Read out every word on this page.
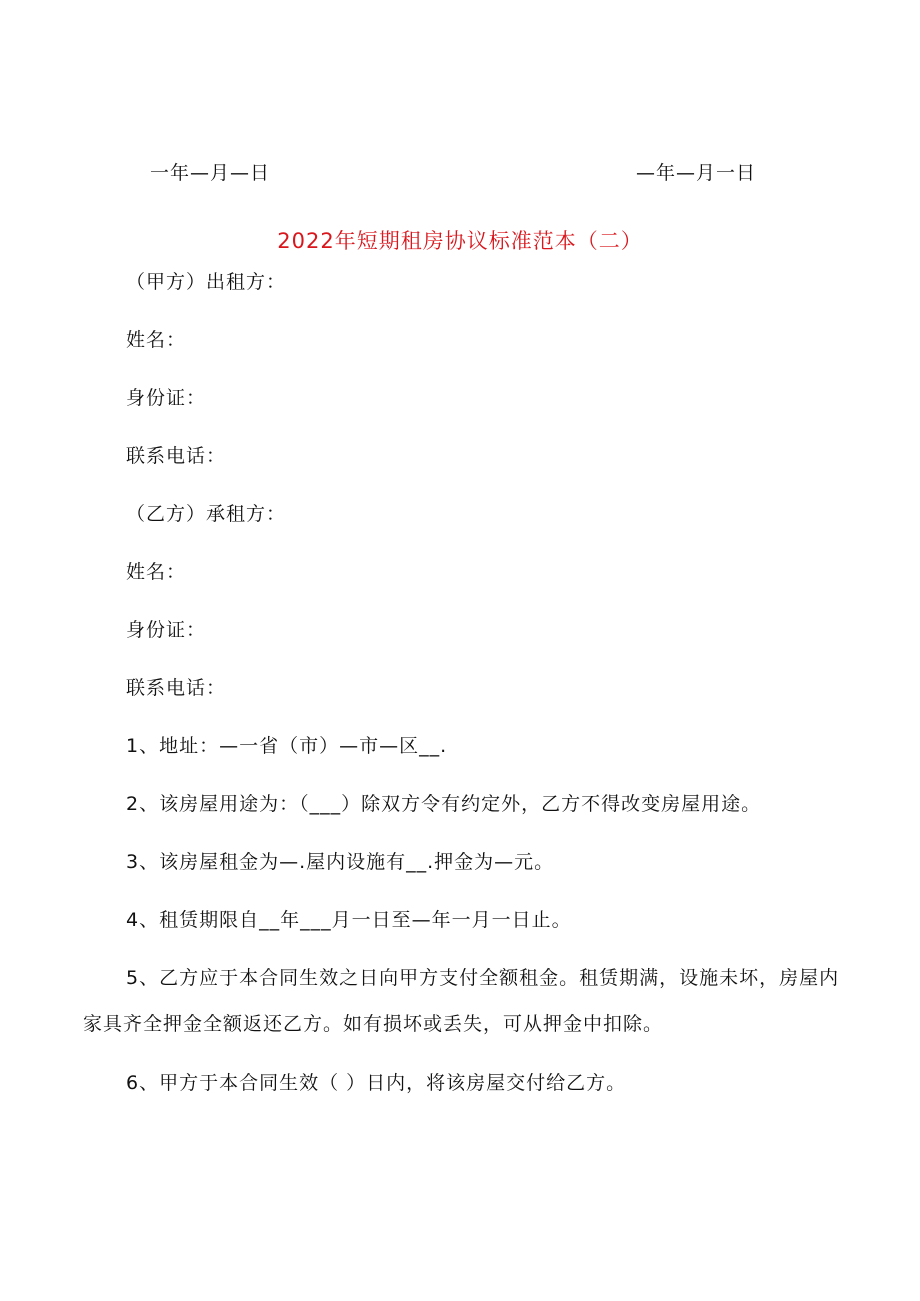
一年—月—日	—年—月一日
2022年短期租房协议标准范本（二）
（甲方）出租方：
姓名：
身份证：
联系电话：
（乙方）承租方：
姓名：
身份证：
联系电话：
1、地址：—一省（市）—市—区__.
2、该房屋用途为：（___）除双方令有约定外，乙方不得改变房屋用途。
3、该房屋租金为—.屋内设施有__.押金为—元。
4、租赁期限自__年___月一日至—年一月一日止。
5、乙方应于本合同生效之日向甲方支付全额租金。租赁期满，设施未坏，房屋内
家具齐全押金全额返还乙方。如有损坏或丢失，可从押金中扣除。
6、甲方于本合同生效（ ）日内，将该房屋交付给乙方。
